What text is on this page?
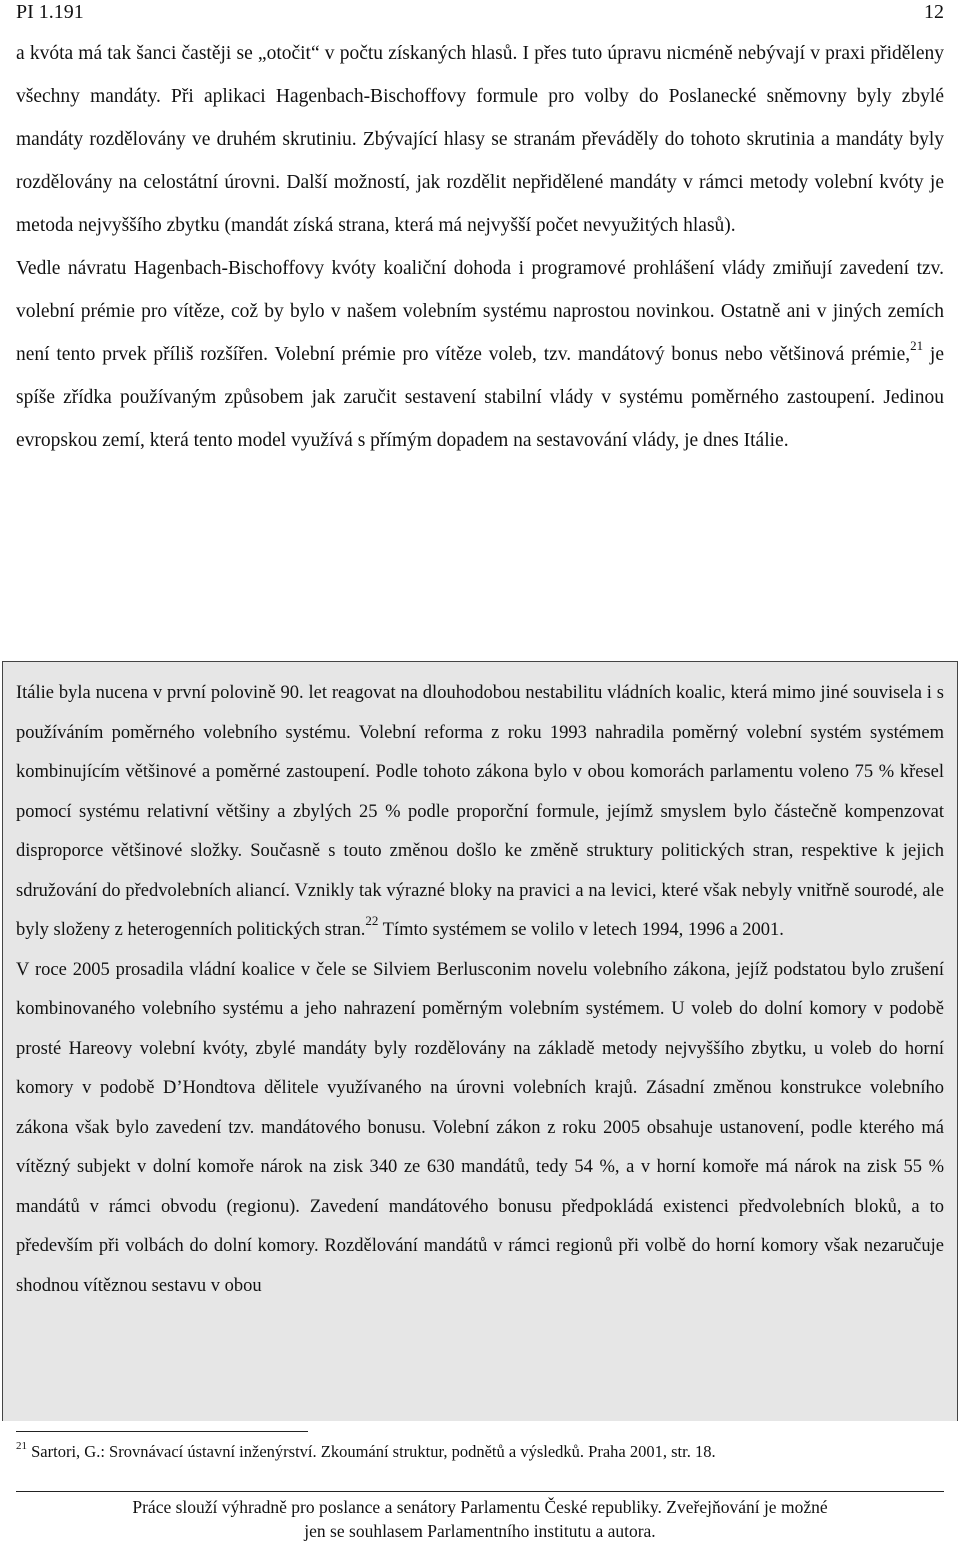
PI 1.191	12

a kvóta má tak šanci častěji se „otočit“ v počtu získaných hlasů. I přes tuto úpravu nicméně nebývají v praxi přiděleny všechny mandáty. Při aplikaci Hagenbach-Bischoffovy formule pro volby do Poslanecké sněmovny byly zbylé mandáty rozdělovány ve druhém skrutiniu. Zbývající hlasy se stranám převáděly do tohoto skrutinia a mandáty byly rozdělovány na celostátní úrovni. Další možností, jak rozdělit nepřidělené mandáty v rámci metody volební kvóty je metoda nejvyššího zbytku (mandát získá strana, která má nejvyšší počet nevyužitých hlasů).

Vedle návratu Hagenbach-Bischoffovy kvóty koaliční dohoda i programové prohlášení vlády zmiňují zavedení tzv. volební prémie pro vítěze, což by bylo v našem volebním systému naprostou novinkou. Ostatně ani v jiných zemích není tento prvek příliš rozšířen. Volební prémie pro vítěze voleb, tzv. mandátový bonus nebo většinová prémie,$^{21}$ je spíše zřídka používaným způsobem jak zaručit sestavení stabilní vlády v systému poměrného zastoupení. Jedinou evropskou zemí, která tento model využívá s přímým dopadem na sestavování vlády, je dnes Itálie.

Itálie byla nucena v první polovině 90. let reagovat na dlouhodobou nestabilitu vládních koalic, která mimo jiné souvisela i s používáním poměrného volebního systému. Volební reforma z roku 1993 nahradila poměrný volební systém systémem kombinujícím většinové a poměrné zastoupení. Podle tohoto zákona bylo v obou komorách parlamentu voleno 75 % křesel pomocí systému relativní většiny a zbylých 25 % podle proporční formule, jejímž smyslem bylo částečně kompenzovat disproporce většinové složky. Současně s touto změnou došlo ke změně struktury politických stran, respektive k jejich sdružování do předvolebních aliancí. Vznikly tak výrazné bloky na pravici a na levici, které však nebyly vnitřně sourodé, ale byly složeny z heterogenních politických stran.$^{22}$ Tímto systémem se volilo v letech 1994, 1996 a 2001.

V roce 2005 prosadila vládní koalice v čele se Silviem Berlusconim novelu volebního zákona, jejíž podstatou bylo zrušení kombinovaného volebního systému a jeho nahrazení poměrným volebním systémem. U voleb do dolní komory v podobě prosté Hareovy volební kvóty, zbylé mandáty byly rozdělovány na základě metody nejvyššího zbytku, u voleb do horní komory v podobě D’Hondtova dělitele využívaného na úrovni volebních krajů. Zásadní změnou konstrukce volebního zákona však bylo zavedení tzv. mandátového bonusu. Volební zákon z roku 2005 obsahuje ustanovení, podle kterého má vítězný subjekt v dolní komoře nárok na zisk 340 ze 630 mandátů, tedy 54 %, a v horní komoře má nárok na zisk 55 % mandátů v rámci obvodu (regionu). Zavedení mandátového bonusu předpokládá existenci předvolebních bloků, a to především při volbách do dolní komory. Rozdělování mandátů v rámci regionů při volbě do horní komory však nezaručuje shodnou vítěznou sestavu v obou

$^{21}$ Sartori, G.: Srovnávací ústavní inženýrství. Zkoumání struktur, podnětů a výsledků. Praha 2001, str. 18.
Práce slouží výhradně pro poslance a senátory Parlamentu České republiky. Zveřejňování je možné
jen se souhlasem Parlamentního institutu a autora.
